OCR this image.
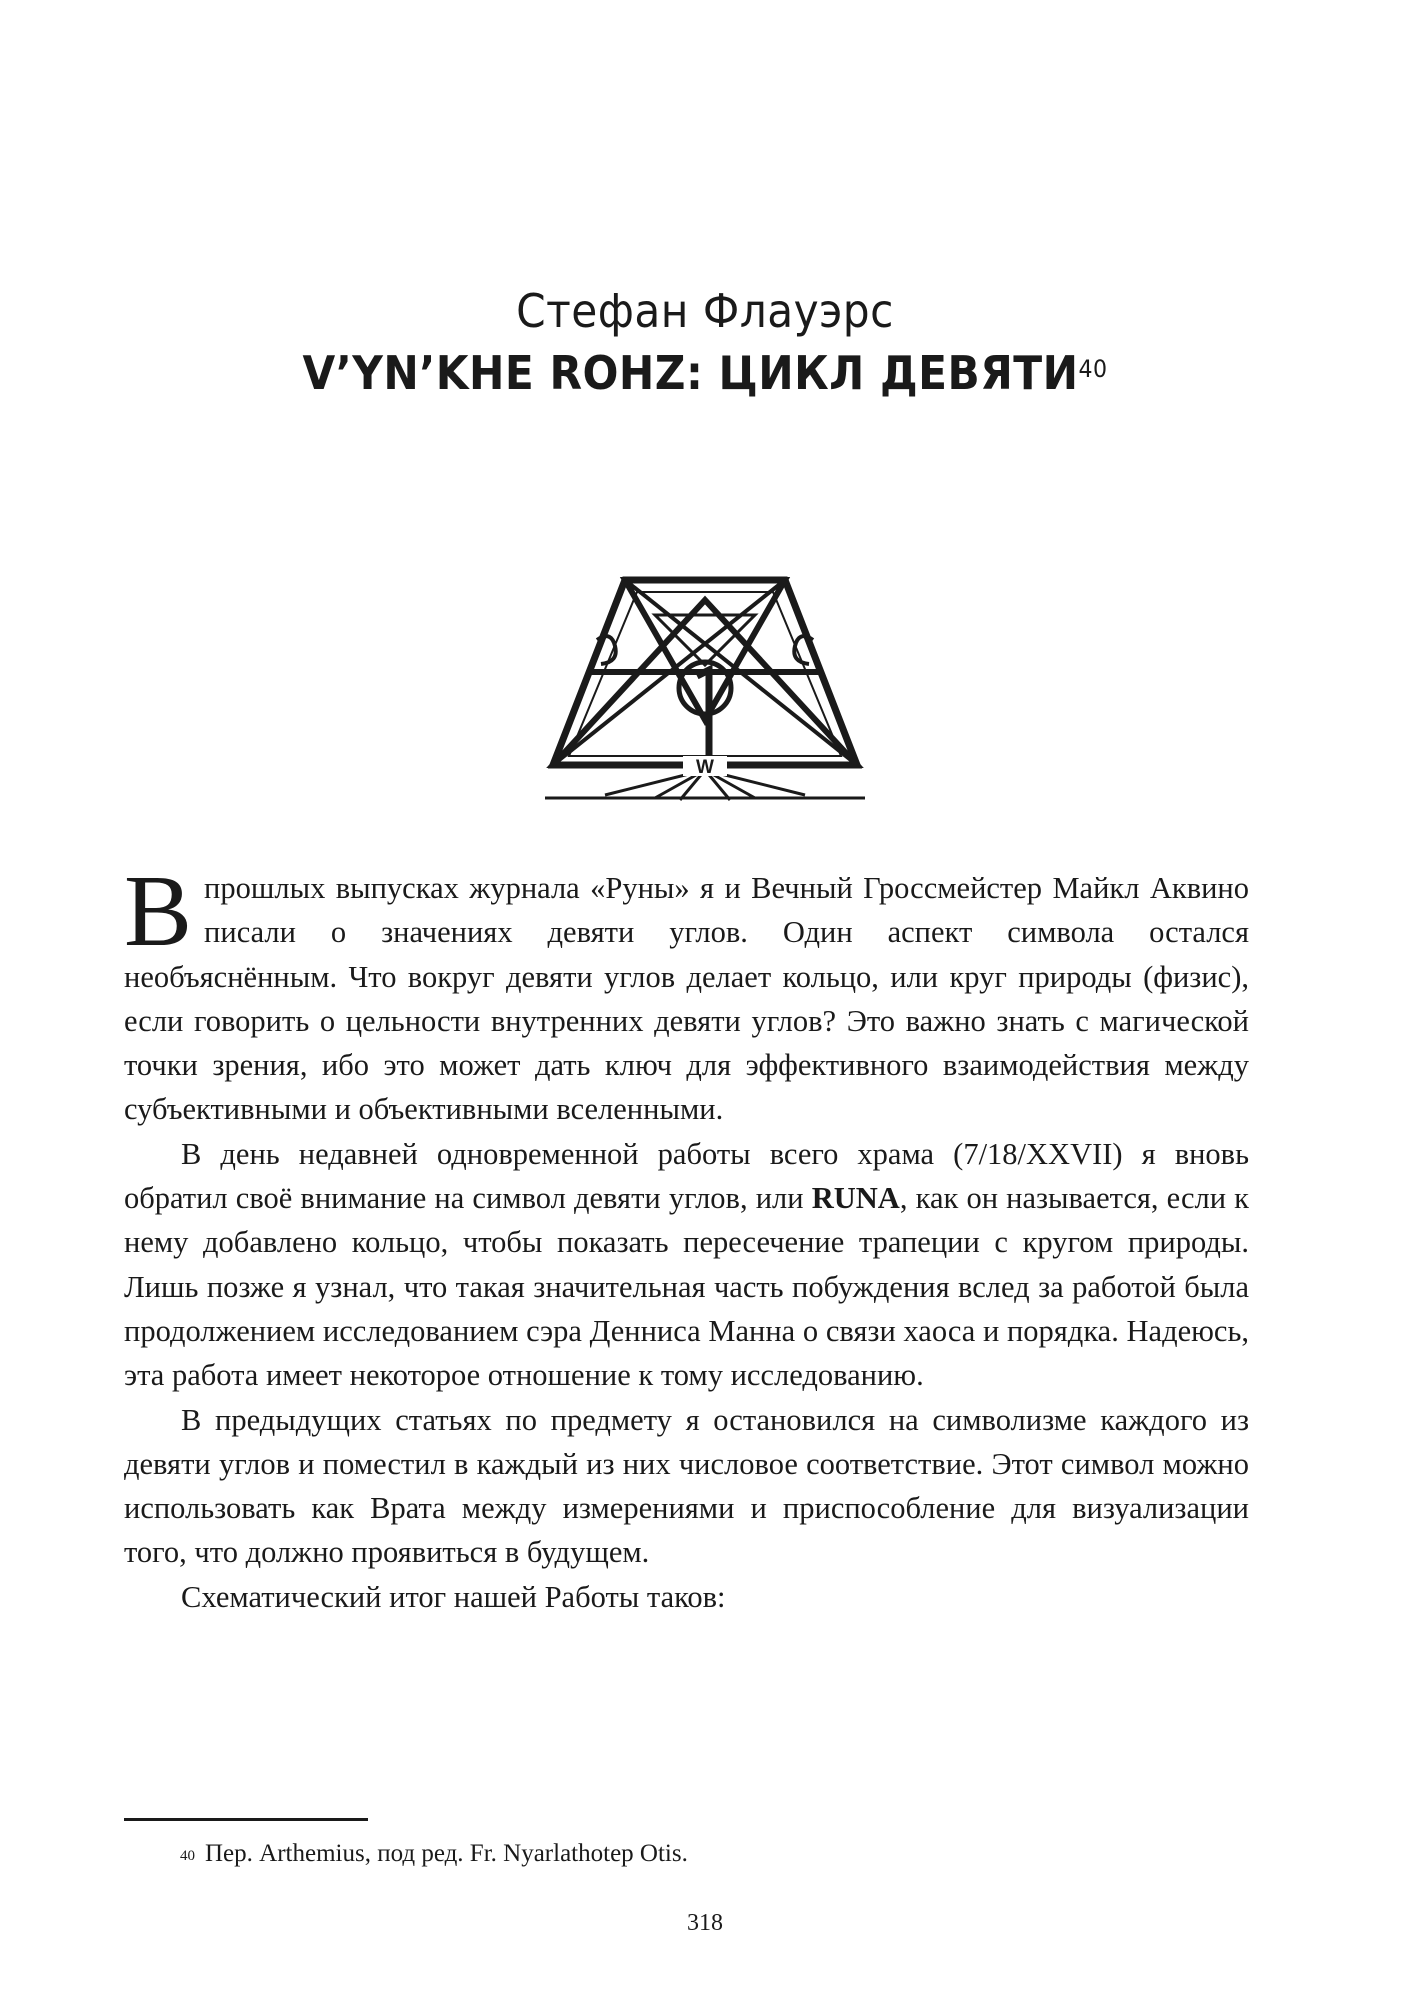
Стефан Флауэрс
V’YN’KHE ROHZ: ЦИКЛ ДЕВЯТИ$^{40}$
W

Впрошлых выпусках журнала «Руны» я и Вечный Гроссмейстер Майкл Аквино писали о значениях девяти углов. Один аспект символа остался необъяснённым. Что вокруг девяти углов делает кольцо, или круг природы (физис), если говорить о цельности внутренних девяти углов? Это важно знать с магической точки зрения, ибо это может дать ключ для эффективного взаимодействия между субъективными и объективными вселенными.

В день недавней одновременной работы всего храма (7/18/XXVII) я вновь обратил своё внимание на символ девяти углов, или RUNA, как он называется, если к нему добавлено кольцо, чтобы показать пересечение трапеции с кругом природы. Лишь позже я узнал, что такая значительная часть побуждения вслед за работой была продолжением исследованием сэра Денниса Манна о связи хаоса и порядка. Надеюсь, эта работа имеет некоторое отношение к тому исследованию.

В предыдущих статьях по предмету я остановился на символизме каждого из девяти углов и поместил в каждый из них числовое соответствие. Этот символ можно использовать как Врата между измерениями и приспособление для визуализации того, что должно проявиться в будущем.

Схематический итог нашей Работы таков:

$^{40}$ Пер. Arthemius, под ред. Fr. Nyarlathotep Otis.
318
